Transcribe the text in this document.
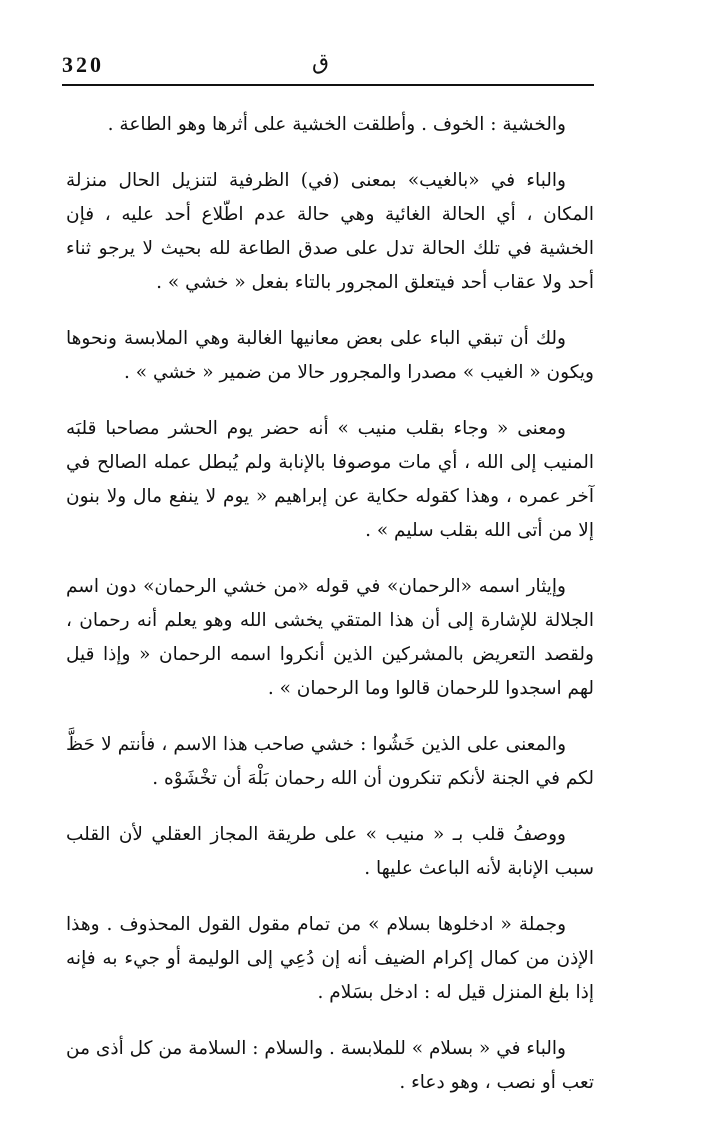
320	ق

والخشية : الخوف . وأطلقت الخشية على أثرها وهو الطاعة .

والباء في «بالغيب» بمعنى (في) الظرفية لتنزيل الحال منزلة المكان ، أي الحالة الغائية وهي حالة عدم اطّلاع أحد عليه ، فإن الخشية في تلك الحالة تدل على صدق الطاعة لله بحيث لا يرجو ثناء أحد ولا عقاب أحد فيتعلق المجرور بالتاء بفعل « خشي » .

ولك أن تبقي الباء على بعض معانيها الغالبة وهي الملابسة ونحوها ويكون « الغيب » مصدرا والمجرور حالا من ضمير « خشي » .

ومعنى « وجاء بقلب منيب » أنه حضر يوم الحشر مصاحبا قلبَه المنيب إلى الله ، أي مات موصوفا بالإنابة ولم يُبطل عمله الصالح في آخر عمره ، وهذا كقوله حكاية عن إبراهيم « يوم لا ينفع مال ولا بنون إلا من أتى الله بقلب سليم » .

وإيثار اسمه «الرحمان» في قوله «من خشي الرحمان» دون اسم الجلالة للإشارة إلى أن هذا المتقي يخشى الله وهو يعلم أنه رحمان ، ولقصد التعريض بالمشركين الذين أنكروا اسمه الرحمان « وإذا قيل لهم اسجدوا للرحمان قالوا وما الرحمان » .

والمعنى على الذين خَشُوا : خشي صاحب هذا الاسم ، فأنتم لا حَظَّ لكم في الجنة لأنكم تنكرون أن الله رحمان بَلْهَ أن تخْشَوْه .

ووصفُ قلب بـ « منيب » على طريقة المجاز العقلي لأن القلب سبب الإنابة لأنه الباعث عليها .

وجملة « ادخلوها بسلام » من تمام مقول القول المحذوف . وهذا الإذن من كمال إكرام الضيف أنه إن دُعِي إلى الوليمة أو جيء به فإنه إذا بلغ المنزل قيل له : ادخل بسَلام .

والباء في « بسلام » للملابسة . والسلام : السلامة من كل أذى من تعب أو نصب ، وهو دعاء .
